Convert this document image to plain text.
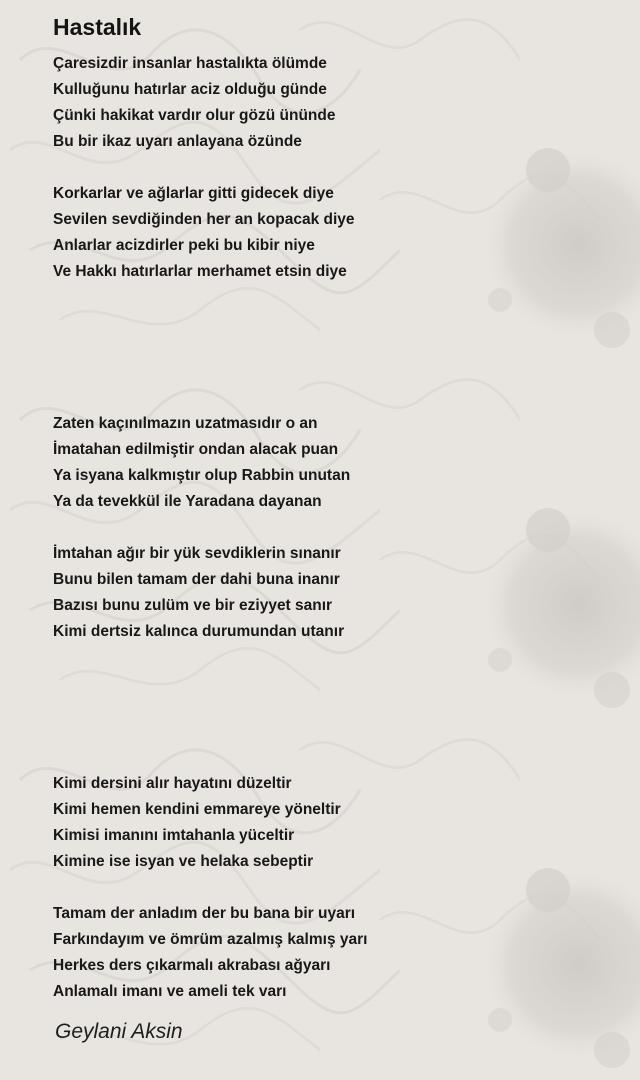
Hastalık
Çaresizdir insanlar hastalıkta ölümde
Kulluğunu hatırlar aciz olduğu günde
Çünki hakikat vardır olur gözü ününde
Bu bir ikaz uyarı anlayana özünde
Korkarlar ve ağlarlar gitti gidecek diye
Sevilen sevdiğinden her an kopacak diye
Anlarlar acizdirler peki bu kibir niye
Ve Hakkı hatırlarlar merhamet etsin diye
Zaten kaçınılmazın uzatmasıdır o an
İmatahan edilmiştir ondan alacak puan
Ya isyana kalkmıştır olup Rabbin unutan
Ya da tevekkül ile Yaradana dayanan
İmtahan ağır bir yük sevdiklerin sınanır
Bunu bilen tamam der dahi buna inanır
Bazısı bunu zulüm ve bir eziyyet sanır
Kimi dertsiz kalınca durumundan utanır
Kimi dersini alır hayatını düzeltir
Kimi hemen kendini emmareye yöneltir
Kimisi imanını imtahanla yüceltir
Kimine ise isyan ve helaka sebeptir
Tamam der anladım der bu bana bir uyarı
Farkındayım ve ömrüm azalmış kalmış yarı
Herkes ders çıkarmalı akrabası ağyarı
Anlamalı imanı ve ameli tek varı

Geylani Aksin
